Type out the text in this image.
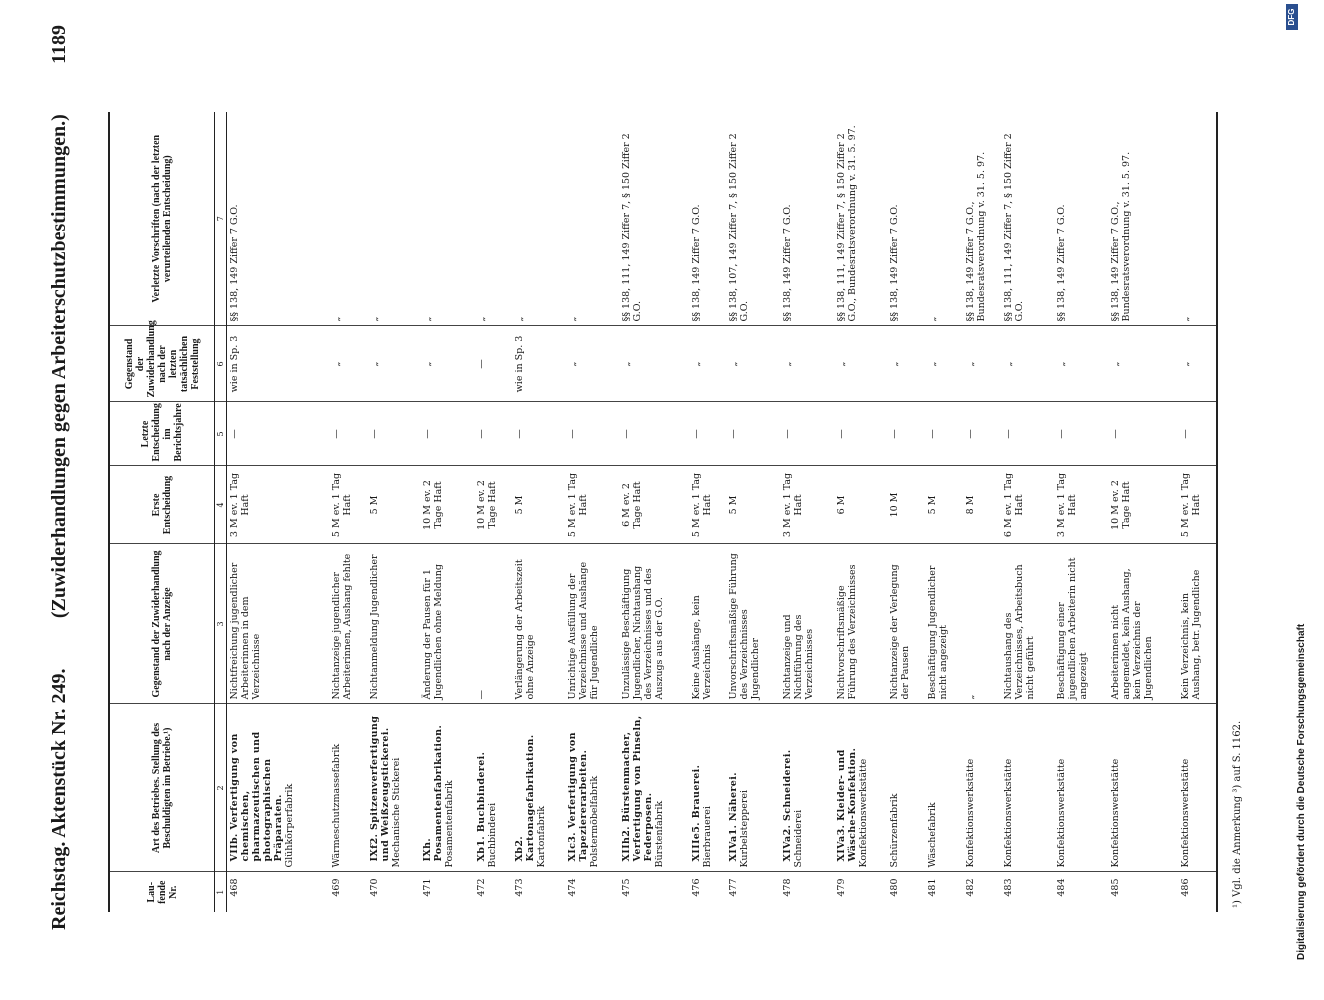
Reichstag. Aktenstück Nr. 249.
(Zuwiderhandlungen gegen Arbeiterschutzbestimmungen.)
1189
Lau-fende Nr.	Art des Betriebes. Stellung des Beschuldigten im Betriebe.¹)	Gegenstand der Zuwiderhandlung nach der Anzeige	Erste Entscheidung	Letzte Entscheidung im Berichtsjahre	Gegenstand der Zuwiderhandlung nach der letzten tatsächlichen Feststellung	Verletzte Vorschriften (nach der letzten verurteilenden Entscheidung)
1	2	3	4	5	6	7
468	VIIb. Verfertigung von chemischen, pharmazeutischen und photographischen Präparaten. Glühkörperfabrik	Nichtfreichung jugendlicher Arbeiterinnen in dem Verzeichnisse	3 M ev. 1 Tag Haft	—	wie in Sp. 3	§§ 138, 149 Ziffer 7 G.O.
469	Wärmeschutzmassefabrik	Nichtanzeige jugendlicher Arbeiterinnen, Aushang fehlte	5 M ev. 1 Tag Haft	—	„	„
470	IXf2. Spitzenverfertigung und Weißzeugstickerei. Mechanische Stickerei	Nichtanmeldung Jugendlicher	5 M	—	„	„
471	IXh. Posamentenfabrikation. Posamentenfabrik	Änderung der Pausen für 1 Jugendlichen ohne Meldung	10 M ev. 2 Tage Haft	—	„	„
472	Xb1. Buchbinderei. Buchbinderei	—	10 M ev. 2 Tage Haft	—	—	„
473	Xb2. Kartonagefabrikation. Kartonfabrik	Verlängerung der Arbeitszeit ohne Anzeige	5 M	—	wie in Sp. 3	„
474	XIc3. Verfertigung von Tapeziererarbeiten. Polstermöbelfabrik	Unrichtige Ausfüllung der Verzeichnisse und Aushänge für Jugendliche	5 M ev. 1 Tag Haft	—	„	„
475	XIIh2. Bürstenmacher, Verfertigung von Pinseln, Federposen. Bürstenfabrik	Unzulässige Beschäftigung Jugendlicher, Nichtaushang des Verzeichnisses und des Auszugs aus der G.O.	6 M ev. 2 Tage Haft	—	„	§§ 138, 111, 149 Ziffer 7, § 150 Ziffer 2 G.O.
476	XIIIe5. Brauerei. Bierbrauerei	Keine Aushänge, kein Verzeichnis	5 M ev. 1 Tag Haft	—	„	§§ 138, 149 Ziffer 7 G.O.
477	XIVa1. Näherei. Kurbelstepperei	Unvorschriftsmäßige Führung des Verzeichnisses Jugendlicher	5 M	—	„	§§ 138, 107, 149 Ziffer 7, § 150 Ziffer 2 G.O.
478	XIVa2. Schneiderei. Schneiderei	Nichtanzeige und Nichtführung des Verzeichnisses	3 M ev. 1 Tag Haft	—	„	§§ 138, 149 Ziffer 7 G.O.
479	XIVa3. Kleider- und Wäsche-Konfektion. Konfektionswerkstätte	Nichtvorschriftsmäßige Führung des Verzeichnisses	6 M	—	„	§§ 138, 111, 149 Ziffer 7, § 150 Ziffer 2 G.O., Bundesratsverordnung v. 31. 5. 97.
480	Schürzenfabrik	Nichtanzeige der Verlegung der Pausen	10 M	—	„	§§ 138, 149 Ziffer 7 G.O.
481	Wäschefabrik	Beschäftigung Jugendlicher nicht angezeigt	5 M	—	„	„
482	Konfektionswerkstätte	„	8 M	—	„	§§ 138, 149 Ziffer 7 G.O., Bundesratsverordnung v. 31. 5. 97.
483	Konfektionswerkstätte	Nichtaushang des Verzeichnisses, Arbeitsbuch nicht geführt	6 M ev. 1 Tag Haft	—	„	§§ 138, 111, 149 Ziffer 7, § 150 Ziffer 2 G.O.
484	Konfektionswerkstätte	Beschäftigung einer jugendlichen Arbeiterin nicht angezeigt	3 M ev. 1 Tag Haft	—	„	§§ 138, 149 Ziffer 7 G.O.
485	Konfektionswerkstätte	Arbeiterinnen nicht angemeldet, kein Aushang, kein Verzeichnis der Jugendlichen	10 M ev. 2 Tage Haft	—	„	§§ 138, 149 Ziffer 7 G.O., Bundesratsverordnung v. 31. 5. 97.
486	Konfektionswerkstätte	Kein Verzeichnis, kein Aushang, betr. Jugendliche	5 M ev. 1 Tag Haft	—	„	„
¹) Vgl. die Anmerkung ³) auf S. 1162.	Digitalisierung gefördert durch die Deutsche Forschungsgemeinschaft
DFG
